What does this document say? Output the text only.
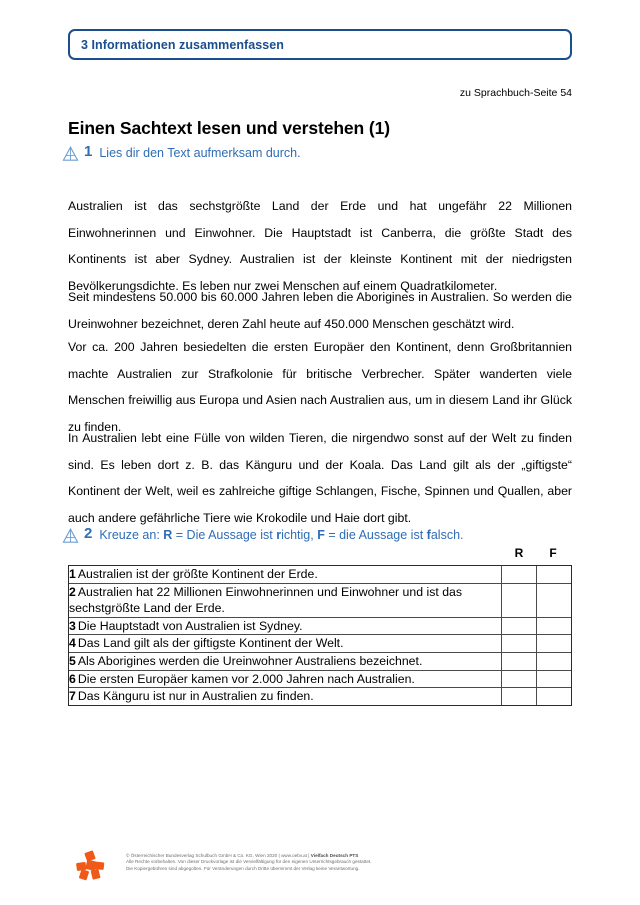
3 Informationen zusammenfassen
zu Sprachbuch-Seite 54
Einen Sachtext lesen und verstehen (1)
1 Lies dir den Text aufmerksam durch.

Australien ist das sechstgrößte Land der Erde und hat ungefähr 22 Millionen Einwohnerinnen und Einwohner. Die Hauptstadt ist Canberra, die größte Stadt des Kontinents ist aber Sydney. Australien ist der kleinste Kontinent mit der niedrigsten Bevölkerungsdichte. Es leben nur zwei Menschen auf einem Quadratkilometer.

Seit mindestens 50.000 bis 60.000 Jahren leben die Aborigines in Australien. So werden die Ureinwohner bezeichnet, deren Zahl heute auf 450.000 Menschen geschätzt wird.

Vor ca. 200 Jahren besiedelten die ersten Europäer den Kontinent, denn Großbritannien machte Australien zur Strafkolonie für britische Verbrecher. Später wanderten viele Menschen freiwillig aus Europa und Asien nach Australien aus, um in diesem Land ihr Glück zu finden.

In Australien lebt eine Fülle von wilden Tieren, die nirgendwo sonst auf der Welt zu finden sind. Es leben dort z. B. das Känguru und der Koala. Das Land gilt als der „giftigste“ Kontinent der Welt, weil es zahlreiche giftige Schlangen, Fische, Spinnen und Quallen, aber auch andere gefährliche Tiere wie Krokodile und Haie dort gibt.

2 Kreuze an: R = Die Aussage ist richtig, F = die Aussage ist falsch.
R	F
1 Australien ist der größte Kontinent der Erde.		
2 Australien hat 22 Millionen Einwohnerinnen und Einwohner und ist das sechstgrößte Land der Erde.		
3 Die Hauptstadt von Australien ist Sydney.		
4 Das Land gilt als der giftigste Kontinent der Welt.		
5 Als Aborigines werden die Ureinwohner Australiens bezeichnet.		
6 Die ersten Europäer kamen vor 2.000 Jahren nach Australien.		
7 Das Känguru ist nur in Australien zu finden.		
© Österreichischer Bundesverlag Schulbuch GmbH & Co. KG, Wien 2020 | www.oebv.at | Vielfach Deutsch PTS
Alle Rechte vorbehalten. Von dieser Druckvorlage ist die Vervielfältigung für den eigenen Unterrichtsgebrauch gestattet.
Die Kopiergebühren sind abgegolten. Für Veränderungen durch Dritte übernimmt der Verlag keine Verantwortung.
